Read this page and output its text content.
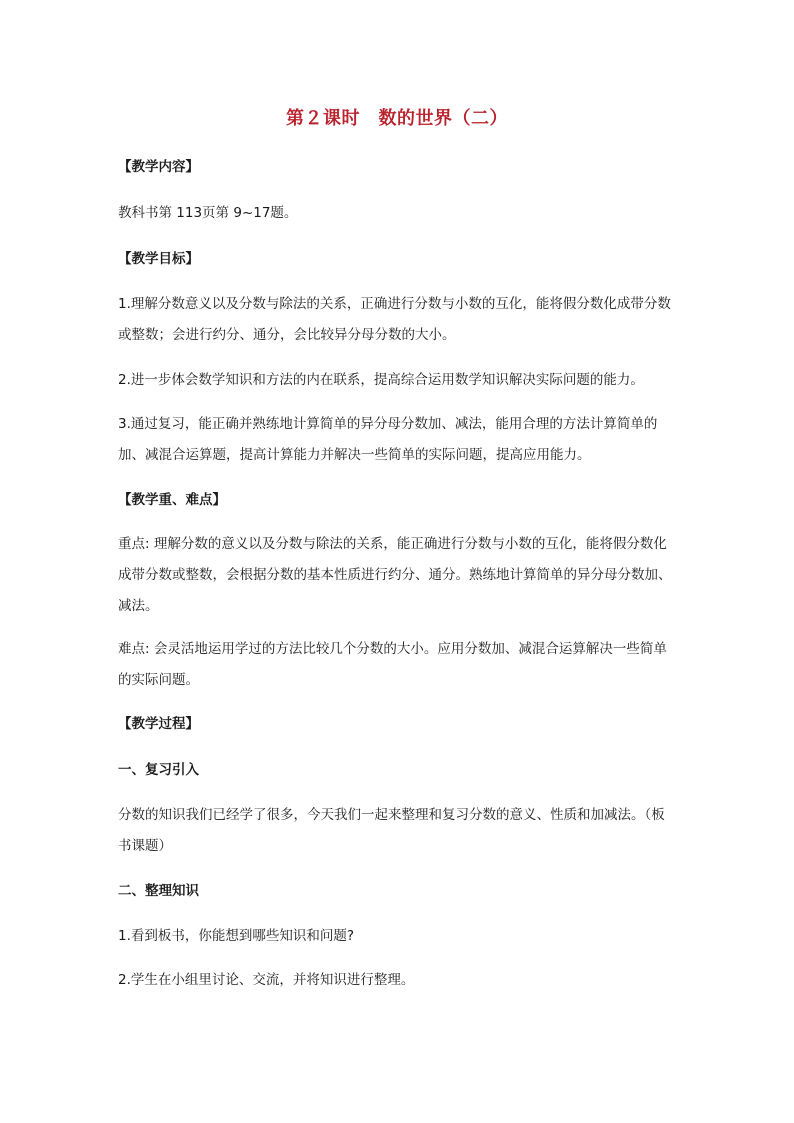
第２课时　数的世界（二）
【教学内容】
教科书第 113页第 9~17题。
【教学目标】
1.理解分数意义以及分数与除法的关系，正确进行分数与小数的互化，能将假分数化成带分数或整数；会进行约分、通分，会比较异分母分数的大小。
2.进一步体会数学知识和方法的内在联系，提高综合运用数学知识解决实际问题的能力。
3.通过复习，能正确并熟练地计算简单的异分母分数加、减法，能用合理的方法计算简单的加、减混合运算题，提高计算能力并解决一些简单的实际问题，提高应用能力。
【教学重、难点】
重点: 理解分数的意义以及分数与除法的关系，能正确进行分数与小数的互化，能将假分数化成带分数或整数，会根据分数的基本性质进行约分、通分。熟练地计算简单的异分母分数加、减法。
难点: 会灵活地运用学过的方法比较几个分数的大小。应用分数加、减混合运算解决一些简单的实际问题。
【教学过程】
一、复习引入
分数的知识我们已经学了很多，今天我们一起来整理和复习分数的意义、性质和加减法。（板书课题）
二、整理知识
1.看到板书，你能想到哪些知识和问题?
2.学生在小组里讨论、交流，并将知识进行整理。
